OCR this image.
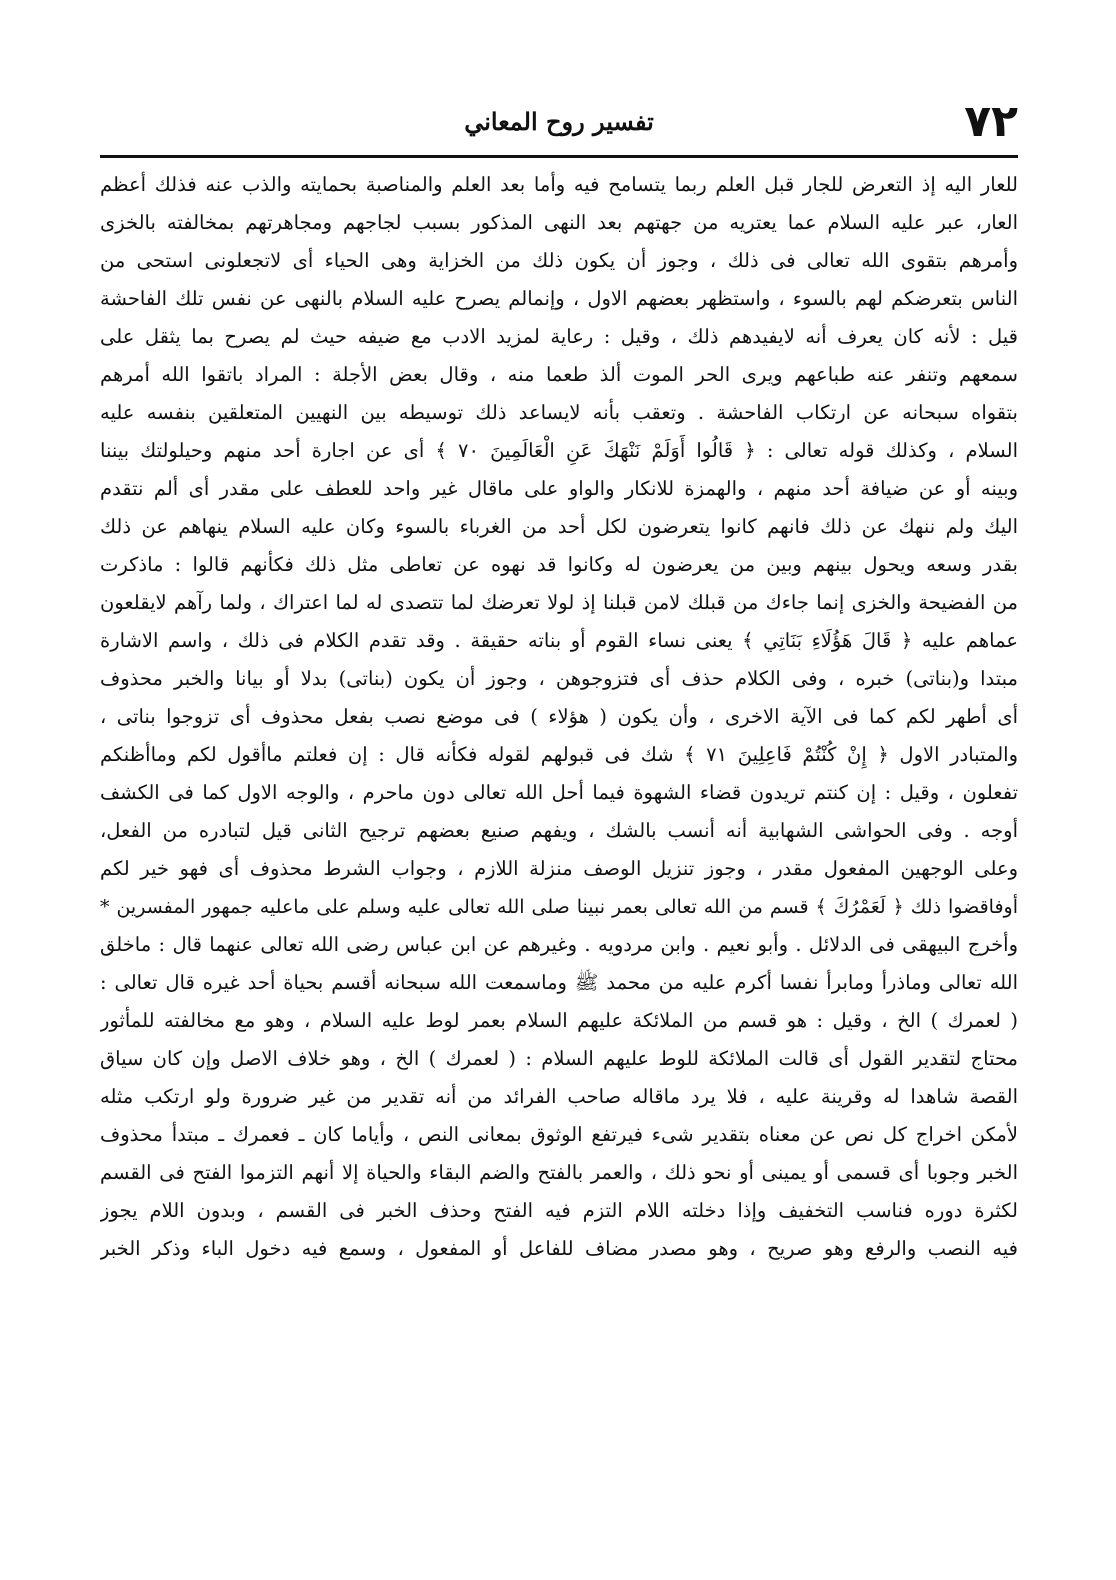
٧٢
تفسير روح المعاني
للعار اليه إذ التعرض للجار قبل العلم ربما يتسامح فيه وأما بعد العلم والمناصبة بحمايته والذب عنه فذلك أعظم
العار، عبر عليه السلام عما يعتريه من جهتهم بعد النهى المذكور بسبب لجاجهم ومجاهرتهم بمخالفته بالخزى
وأمرهم بتقوى الله تعالى فى ذلك ، وجوز أن يكون ذلك من الخزاية وهى الحياء أى لاتجعلونى استحى من
الناس بتعرضكم لهم بالسوء ، واستظهر بعضهم الاول ، وإنمالم يصرح عليه السلام بالنهى عن نفس تلك الفاحشة
قيل : لأنه كان يعرف أنه لايفيدهم ذلك ، وقيل : رعاية لمزيد الادب مع ضيفه حيث لم يصرح بما يثقل على
سمعهم وتنفر عنه طباعهم ويرى الحر الموت ألذ طعما منه ، وقال بعض الأجلة : المراد باتقوا الله أمرهم
بتقواه سبحانه عن ارتكاب الفاحشة . وتعقب بأنه لايساعد ذلك توسيطه بين النهيين المتعلقين بنفسه عليه
السلام ، وكذلك قوله تعالى : ﴿ قَالُوا أَوَلَمْ نَنْهَكَ عَنِ الْعَالَمِينَ ٧٠ ﴾ أى عن اجارة أحد منهم وحيلولتك بيننا
وبينه أو عن ضيافة أحد منهم ، والهمزة للانكار والواو على ماقال غير واحد للعطف على مقدر أى ألم نتقدم
اليك ولم ننهك عن ذلك فانهم كانوا يتعرضون لكل أحد من الغرباء بالسوء وكان عليه السلام ينهاهم عن ذلك
بقدر وسعه ويحول بينهم وبين من يعرضون له وكانوا قد نهوه عن تعاطى مثل ذلك فكأنهم قالوا : ماذكرت
من الفضيحة والخزى إنما جاءك من قبلك لامن قبلنا إذ لولا تعرضك لما تتصدى له لما اعتراك ، ولما رآهم لايقلعون
عماهم عليه ﴿ قَالَ هَؤُلَاءِ بَنَاتِي ﴾ يعنى نساء القوم أو بناته حقيقة . وقد تقدم الكلام فى ذلك ، واسم الاشارة
مبتدا و(بناتى) خبره ، وفى الكلام حذف أى فتزوجوهن ، وجوز أن يكون (بناتى) بدلا أو بيانا والخبر محذوف
أى أطهر لكم كما فى الآية الاخرى ، وأن يكون ( هؤلاء ) فى موضع نصب بفعل محذوف أى تزوجوا بناتى ،
والمتبادر الاول ﴿ إِنْ كُنْتُمْ فَاعِلِينَ ٧١ ﴾ شك فى قبولهم لقوله فكأنه قال : إن فعلتم ماأقول لكم وماأظنكم
تفعلون ، وقيل : إن كنتم تريدون قضاء الشهوة فيما أحل الله تعالى دون ماحرم ، والوجه الاول كما فى الكشف
أوجه . وفى الحواشى الشهابية أنه أنسب بالشك ، ويفهم صنيع بعضهم ترجيح الثانى قيل لتبادره من الفعل،
وعلى الوجهين المفعول مقدر ، وجوز تنزيل الوصف منزلة اللازم ، وجواب الشرط محذوف أى فهو خير لكم
أوفاقضوا ذلك ﴿ لَعَمْرُكَ ﴾ قسم من الله تعالى بعمر نبينا صلى الله تعالى عليه وسلم على ماعليه جمهور المفسرين *
وأخرج البيهقى فى الدلائل . وأبو نعيم . وابن مردويه . وغيرهم عن ابن عباس رضى الله تعالى عنهما قال : ماخلق
الله تعالى وماذرأ ومابرأ نفسا أكرم عليه من محمد ﷺ وماسمعت الله سبحانه أقسم بحياة أحد غيره قال تعالى :
( لعمرك ) الخ ، وقيل : هو قسم من الملائكة عليهم السلام بعمر لوط عليه السلام ، وهو مع مخالفته للمأثور
محتاج لتقدير القول أى قالت الملائكة للوط عليهم السلام : ( لعمرك ) الخ ، وهو خلاف الاصل وإن كان سياق
القصة شاهدا له وقرينة عليه ، فلا يرد ماقاله صاحب الفرائد من أنه تقدير من غير ضرورة ولو ارتكب مثله
لأمكن اخراج كل نص عن معناه بتقدير شىء فيرتفع الوثوق بمعانى النص ، وأياما كان ـ فعمرك ـ مبتدأ محذوف
الخبر وجوبا أى قسمى أو يمينى أو نحو ذلك ، والعمر بالفتح والضم البقاء والحياة إلا أنهم التزموا الفتح فى القسم
لكثرة دوره فناسب التخفيف وإذا دخلته اللام التزم فيه الفتح وحذف الخبر فى القسم ، وبدون اللام يجوز
فيه النصب والرفع وهو صريح ، وهو مصدر مضاف للفاعل أو المفعول ، وسمع فيه دخول الباء وذكر الخبر
